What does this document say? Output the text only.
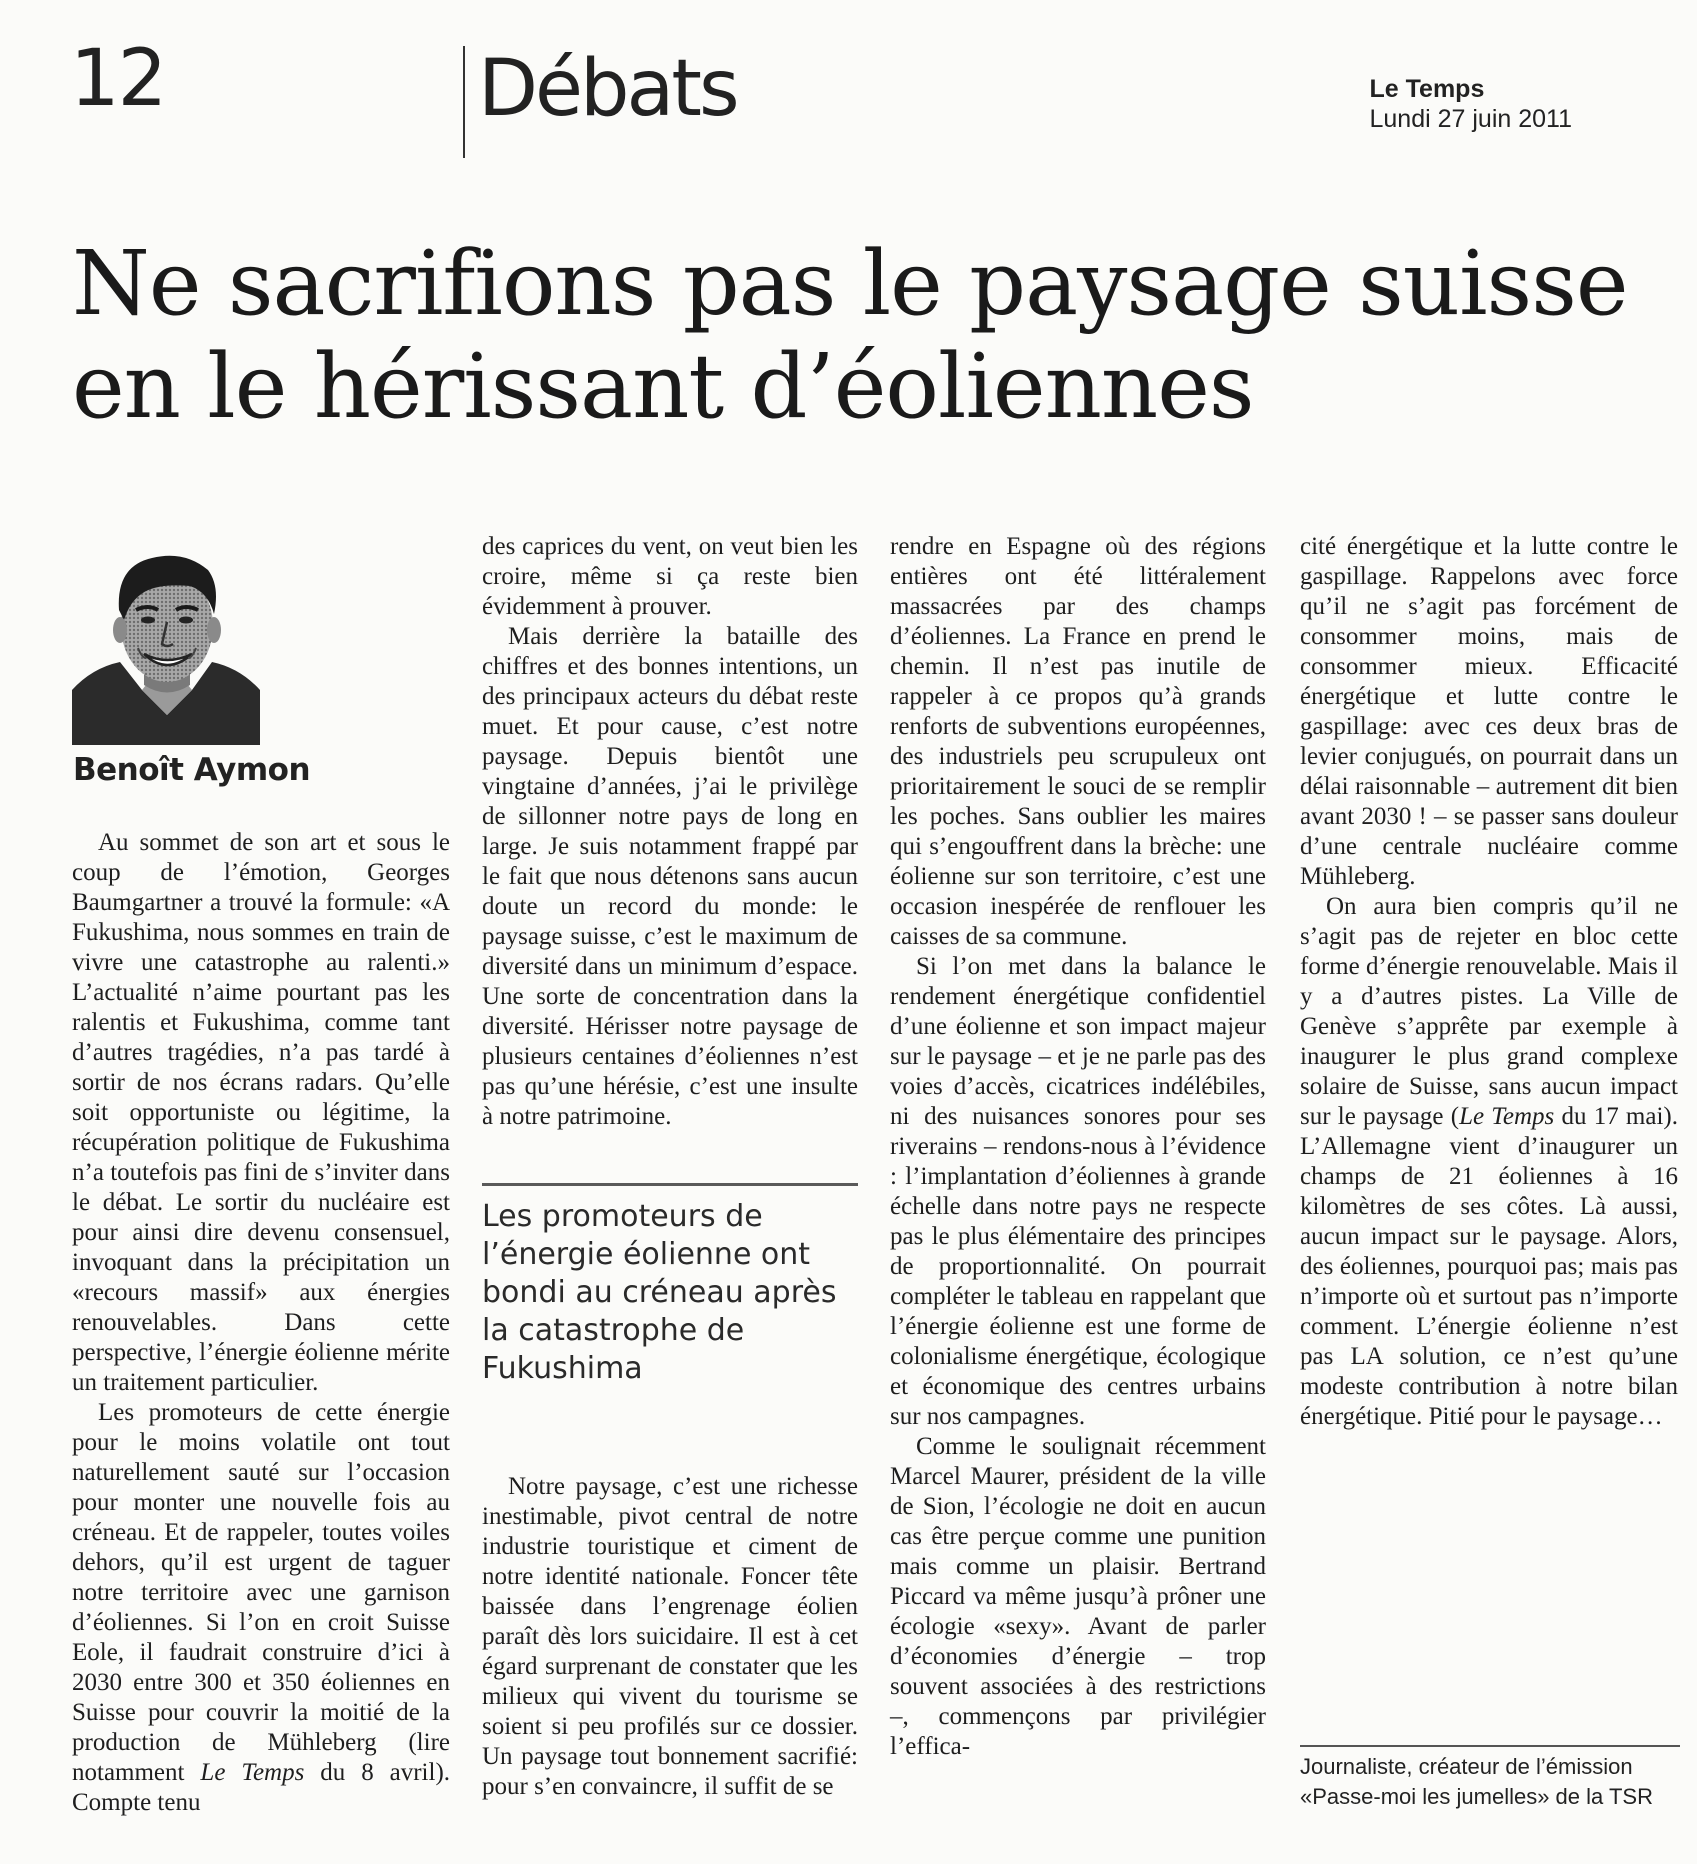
12	Débats	Le Temps
Lundi 27 juin 2011
Ne sacrifions pas le paysage suisse
en le hérissant d’éoliennes
Benoît Aymon

Au sommet de son art et sous le coup de l’émotion, Georges Baumgartner a trouvé la formule: «A Fukushima, nous sommes en train de vivre une catastrophe au ralenti.» L’actualité n’aime pourtant pas les ralentis et Fukushima, comme tant d’autres tragédies, n’a pas tardé à sortir de nos écrans radars. Qu’elle soit opportuniste ou légitime, la récupération politique de Fukushima n’a toutefois pas fini de s’inviter dans le débat. Le sortir du nucléaire est pour ainsi dire devenu consensuel, invoquant dans la précipitation un «recours massif» aux énergies renouvelables. Dans cette perspective, l’énergie éolienne mérite un traitement particulier.

Les promoteurs de cette énergie pour le moins volatile ont tout naturellement sauté sur l’occasion pour monter une nouvelle fois au créneau. Et de rappeler, toutes voiles dehors, qu’il est urgent de taguer notre territoire avec une garnison d’éoliennes. Si l’on en croit Suisse Eole, il faudrait construire d’ici à 2030 entre 300 et 350 éoliennes en Suisse pour couvrir la moitié de la production de Mühleberg (lire notamment Le Temps du 8 avril). Compte tenu

des caprices du vent, on veut bien les croire, même si ça reste bien évidemment à prouver.

Mais derrière la bataille des chiffres et des bonnes intentions, un des principaux acteurs du débat reste muet. Et pour cause, c’est notre paysage. Depuis bientôt une vingtaine d’années, j’ai le privilège de sillonner notre pays de long en large. Je suis notamment frappé par le fait que nous détenons sans aucun doute un record du monde: le paysage suisse, c’est le maximum de diversité dans un minimum d’espace. Une sorte de concentration dans la diversité. Hérisser notre paysage de plusieurs centaines d’éoliennes n’est pas qu’une hérésie, c’est une insulte à notre patrimoine.

Les promoteurs de l’énergie éolienne ont bondi au créneau après la catastrophe de Fukushima

Notre paysage, c’est une richesse inestimable, pivot central de notre industrie touristique et ciment de notre identité nationale. Foncer tête baissée dans l’engrenage éolien paraît dès lors suicidaire. Il est à cet égard surprenant de constater que les milieux qui vivent du tourisme se soient si peu profilés sur ce dossier. Un paysage tout bonnement sacrifié: pour s’en convaincre, il suffit de se

rendre en Espagne où des régions entières ont été littéralement massacrées par des champs d’éoliennes. La France en prend le chemin. Il n’est pas inutile de rappeler à ce propos qu’à grands renforts de subventions européennes, des industriels peu scrupuleux ont prioritairement le souci de se remplir les poches. Sans oublier les maires qui s’engouffrent dans la brèche: une éolienne sur son territoire, c’est une occasion inespérée de renflouer les caisses de sa commune.

Si l’on met dans la balance le rendement énergétique confidentiel d’une éolienne et son impact majeur sur le paysage – et je ne parle pas des voies d’accès, cicatrices indélébiles, ni des nuisances sonores pour ses riverains – rendons-nous à l’évidence : l’implantation d’éoliennes à grande échelle dans notre pays ne respecte pas le plus élémentaire des principes de proportionnalité. On pourrait compléter le tableau en rappelant que l’énergie éolienne est une forme de colonialisme énergétique, écologique et économique des centres urbains sur nos campagnes.

Comme le soulignait récemment Marcel Maurer, président de la ville de Sion, l’écologie ne doit en aucun cas être perçue comme une punition mais comme un plaisir. Bertrand Piccard va même jusqu’à prôner une écologie «sexy». Avant de parler d’économies d’énergie – trop souvent associées à des restrictions –, commençons par privilégier l’effica-

cité énergétique et la lutte contre le gaspillage. Rappelons avec force qu’il ne s’agit pas forcément de consommer moins, mais de consommer mieux. Efficacité énergétique et lutte contre le gaspillage: avec ces deux bras de levier conjugués, on pourrait dans un délai raisonnable – autrement dit bien avant 2030 ! – se passer sans douleur d’une centrale nucléaire comme Mühleberg.

On aura bien compris qu’il ne s’agit pas de rejeter en bloc cette forme d’énergie renouvelable. Mais il y a d’autres pistes. La Ville de Genève s’apprête par exemple à inaugurer le plus grand complexe solaire de Suisse, sans aucun impact sur le paysage (Le Temps du 17 mai). L’Allemagne vient d’inaugurer un champs de 21 éoliennes à 16 kilomètres de ses côtes. Là aussi, aucun impact sur le paysage. Alors, des éoliennes, pourquoi pas; mais pas n’importe où et surtout pas n’importe comment. L’énergie éolienne n’est pas LA solution, ce n’est qu’une modeste contribution à notre bilan énergétique. Pitié pour le paysage…

Journaliste, créateur de l’émission
«Passe-moi les jumelles» de la TSR
